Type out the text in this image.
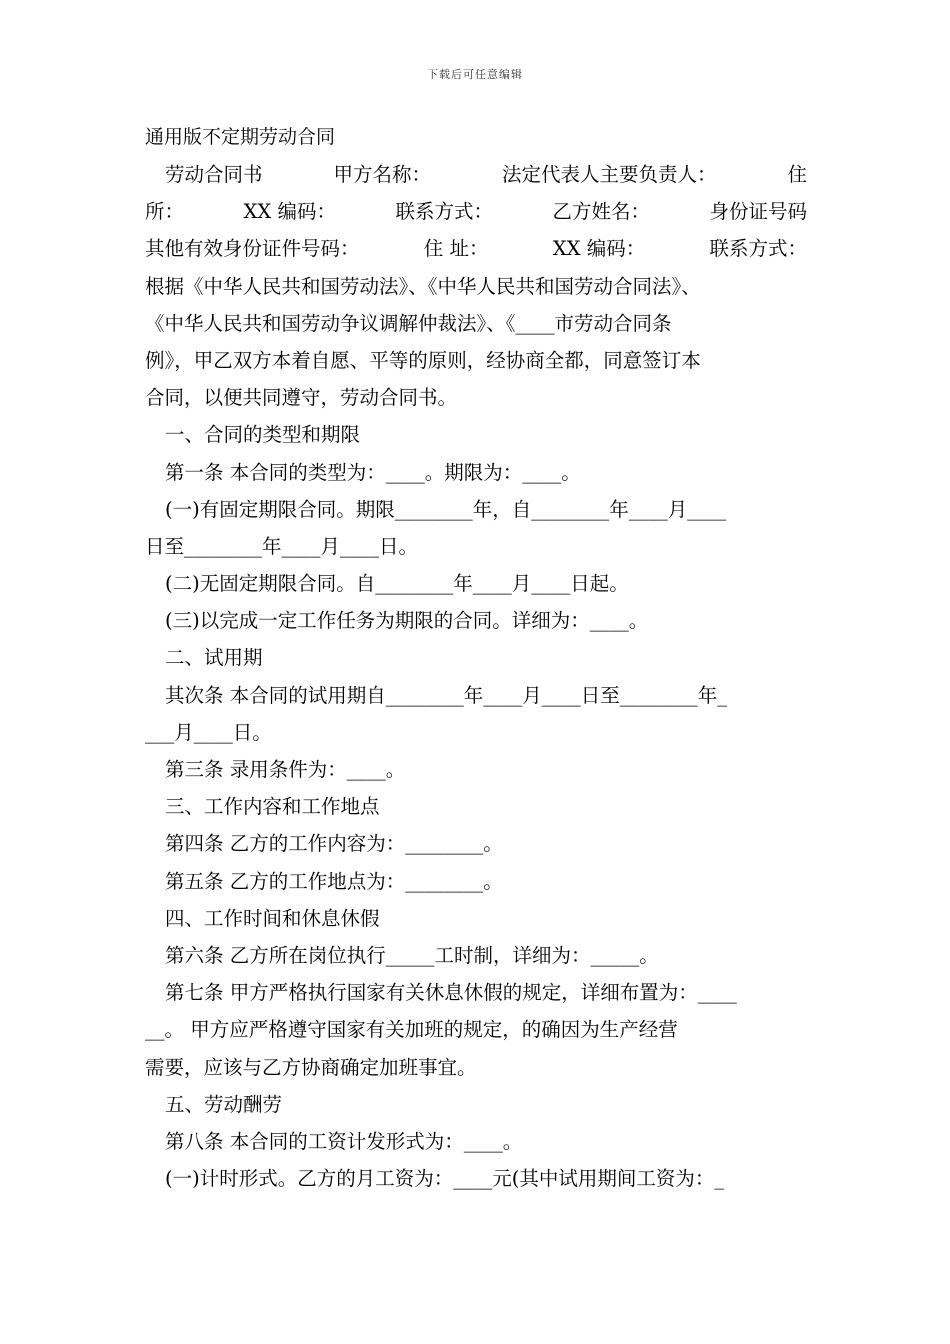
下载后可任意编辑
通用版不定期劳动合同
劳动合同书	甲方名称：	法定代表人主要负责人：	住
所：	XX 编码：	联系方式：	乙方姓名：	身份证号码
其他有效身份证件号码：	住 址：	XX 编码：	联系方式：
根据《中华人民共和国劳动法》、《中华人民共和国劳动合同法》、
《中华人民共和国劳动争议调解仲裁法》、《____市劳动合同条
例》，甲乙双方本着自愿、平等的原则，经协商全都，同意签订本
合同，以便共同遵守，劳动合同书。
一、合同的类型和期限
第一条 本合同的类型为：____。期限为：____。
(一)有固定期限合同。期限________年，自________年____月____
日至________年____月____日。
(二)无固定期限合同。自________年____月____日起。
(三)以完成一定工作任务为期限的合同。详细为：____。
二、试用期
其次条 本合同的试用期自________年____月____日至________年_
___月____日。
第三条 录用条件为：____。
三、工作内容和工作地点
第四条 乙方的工作内容为：________。
第五条 乙方的工作地点为：________。
四、工作时间和休息休假
第六条 乙方所在岗位执行_____工时制，详细为：_____。
第七条 甲方严格执行国家有关休息休假的规定，详细布置为：____
__。 甲方应严格遵守国家有关加班的规定，的确因为生产经营
需要，应该与乙方协商确定加班事宜。
五、劳动酬劳
第八条 本合同的工资计发形式为：____。
(一)计时形式。乙方的月工资为：____元(其中试用期间工资为：_
